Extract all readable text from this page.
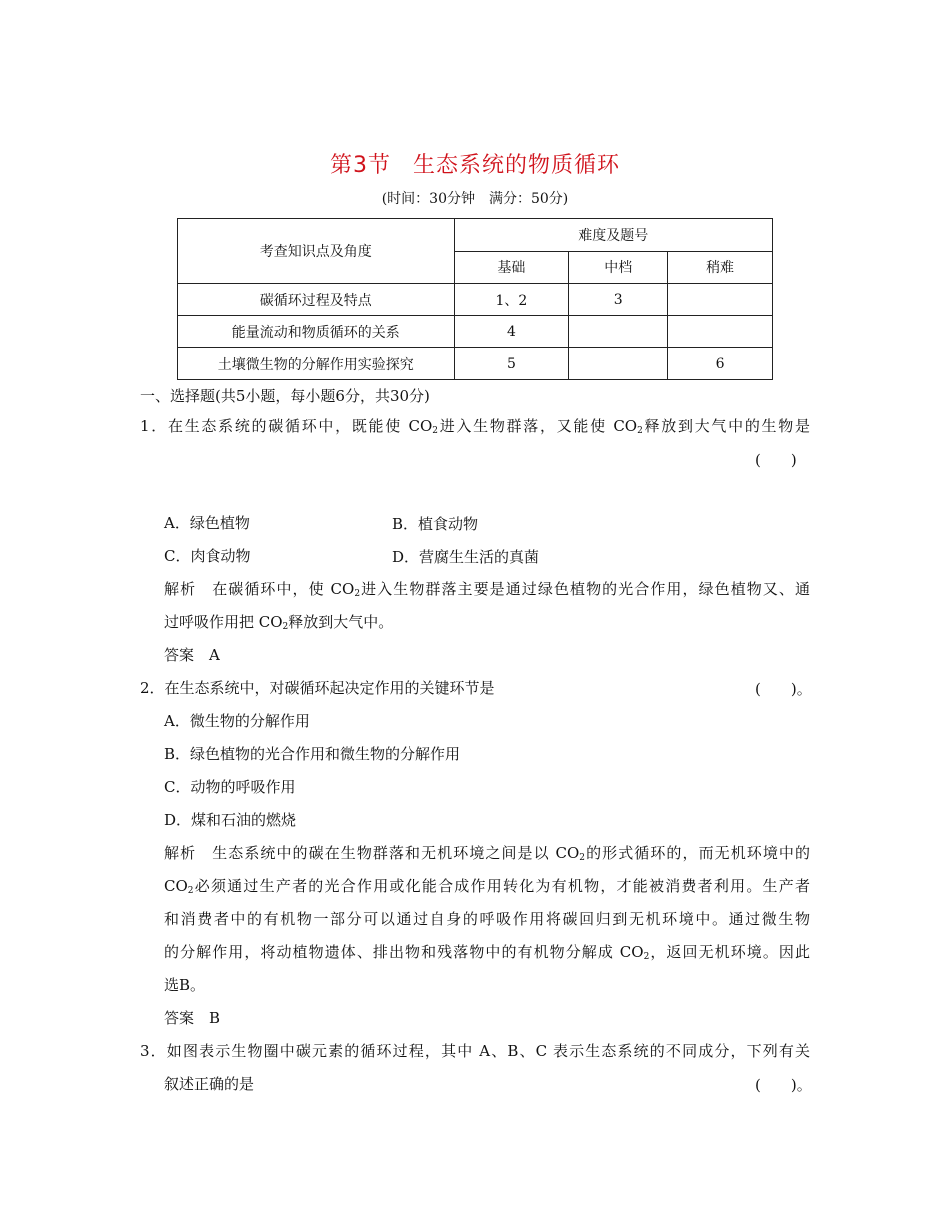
第3节 生态系统的物质循环
(时间：30分钟　满分：50分)
考查知识点及角度	难度及题号		
	基础	中档	稍难
碳循环过程及特点	1、2	3	
能量流动和物质循环的关系	4		
土壤微生物的分解作用实验探究	5		6
一、选择题(共5小题，每小题6分，共30分)
1．在生态系统的碳循环中，既能使 $CO_2$进入生物群落，又能使 $CO_2$释放到大气中的生物是
(　　)
A．绿色植物	B．植食动物
C．肉食动物	D．营腐生生活的真菌
解析　在碳循环中，使 $CO_2$进入生物群落主要是通过绿色植物的光合作用，绿色植物又、通
过呼吸作用把 $CO_2$释放到大气中。
答案　A
2．在生态系统中，对碳循环起决定作用的关键环节是	(　　)。
A．微生物的分解作用
B．绿色植物的光合作用和微生物的分解作用
C．动物的呼吸作用
D．煤和石油的燃烧
解析　生态系统中的碳在生物群落和无机环境之间是以 $CO_2$的形式循环的，而无机环境中的
$CO_2$必须通过生产者的光合作用或化能合成作用转化为有机物，才能被消费者利用。生产者
和消费者中的有机物一部分可以通过自身的呼吸作用将碳回归到无机环境中。通过微生物
的分解作用，将动植物遗体、排出物和残落物中的有机物分解成 $CO_2$，返回无机环境。因此
选B。
答案　B
3．如图表示生物圈中碳元素的循环过程，其中 A、B、C 表示生态系统的不同成分，下列有关
叙述正确的是	(　　)。
